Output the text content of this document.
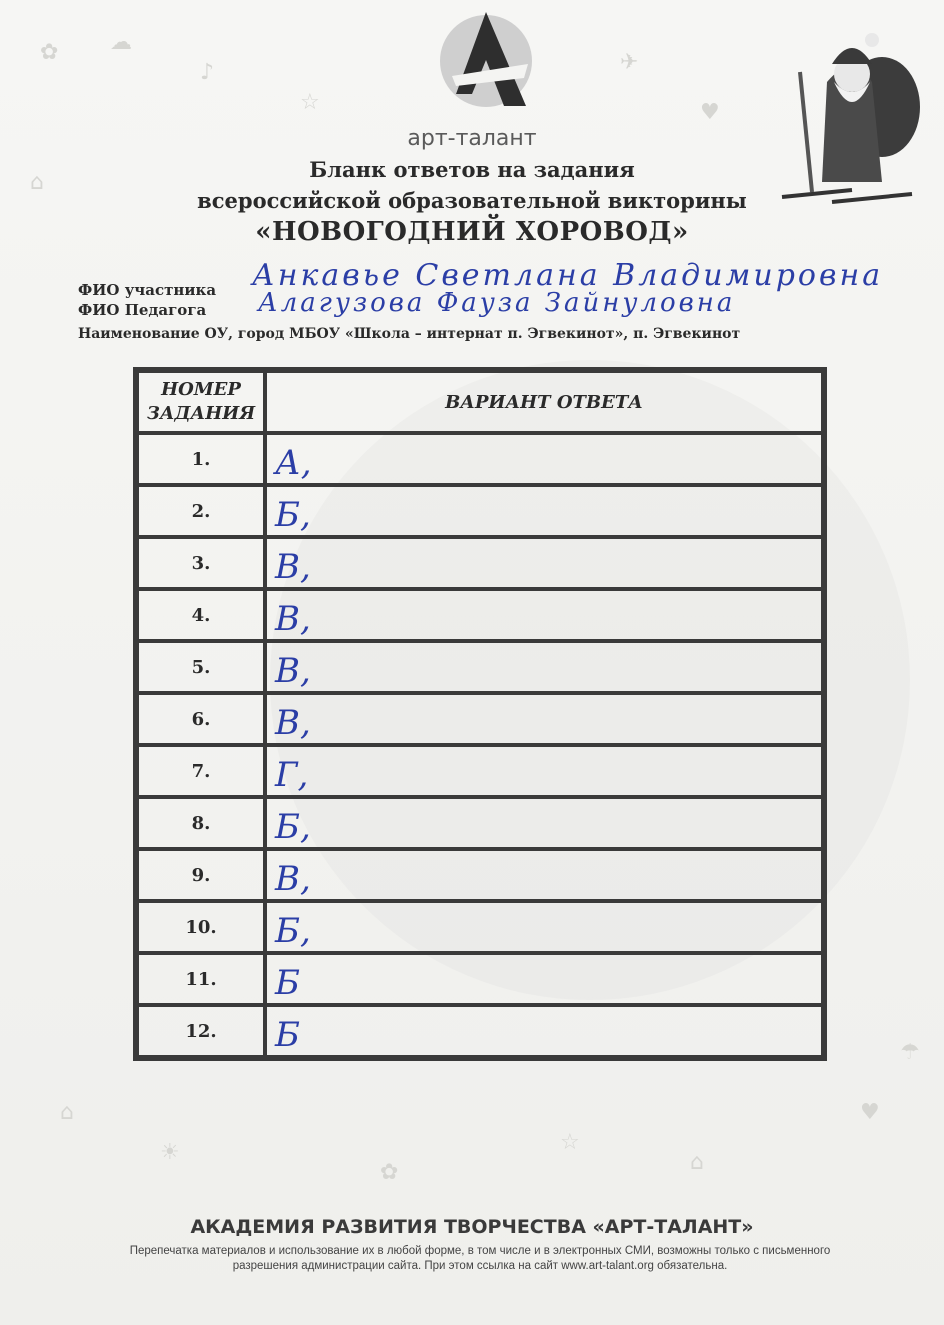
✿ ☁
♪
☆
✈
♥
⌂
⌂
☀
✿
☆
⌂
♥
☂
арт-талант
Бланк ответов на задания
всероссийской образовательной викторины
«НОВОГОДНИЙ ХОРОВОД»
ФИО участника Анкавье Светлана Владимировна
ФИО Педагога Алагузова Фауза Зайнуловна
Наименование ОУ, город МБОУ «Школа – интернат п. Эгвекинот», п. Эгвекинот
НОМЕР
ЗАДАНИЯ	ВАРИАНТ ОТВЕТА
1.	А,
2.	Б,
3.	В,
4.	В,
5.	В,
6.	В,
7.	Г,
8.	Б,
9.	В,
10.	Б,
11.	Б
12.	Б
АКАДЕМИЯ РАЗВИТИЯ ТВОРЧЕСТВА «АРТ-ТАЛАНТ»
Перепечатка материалов и использование их в любой форме, в том числе и в электронных СМИ, возможны только с письменного разрешения администрации сайта. При этом ссылка на сайт www.art-talant.org обязательна.
